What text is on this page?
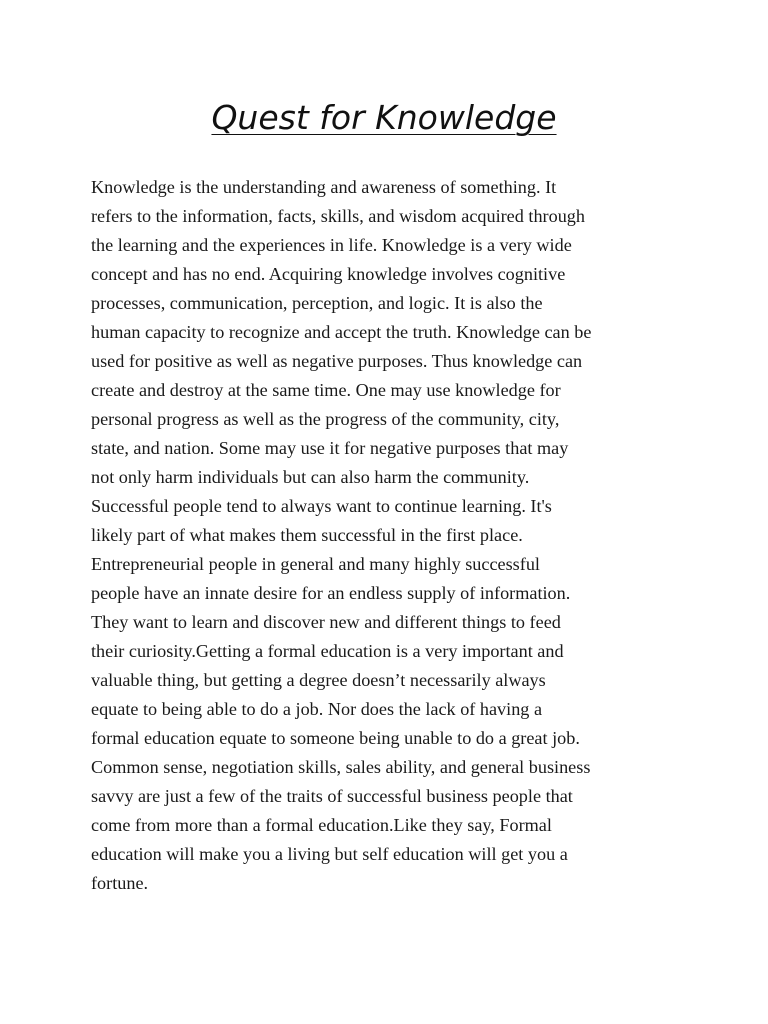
Quest for Knowledge

Knowledge is the understanding and awareness of something. It
refers to the information, facts, skills, and wisdom acquired through
the learning and the experiences in life. Knowledge is a very wide
concept and has no end. Acquiring knowledge involves cognitive
processes, communication, perception, and logic. It is also the
human capacity to recognize and accept the truth. Knowledge can be
used for positive as well as negative purposes. Thus knowledge can
create and destroy at the same time. One may use knowledge for
personal progress as well as the progress of the community, city,
state, and nation. Some may use it for negative purposes that may
not only harm individuals but can also harm the community.
Successful people tend to always want to continue learning. It's
likely part of what makes them successful in the first place.
Entrepreneurial people in general and many highly successful
people have an innate desire for an endless supply of information.
They want to learn and discover new and different things to feed
their curiosity.Getting a formal education is a very important and
valuable thing, but getting a degree doesn’t necessarily always
equate to being able to do a job. Nor does the lack of having a
formal education equate to someone being unable to do a great job.
Common sense, negotiation skills, sales ability, and general business
savvy are just a few of the traits of successful business people that
come from more than a formal education.Like they say, Formal
education will make you a living but self education will get you a
fortune.
